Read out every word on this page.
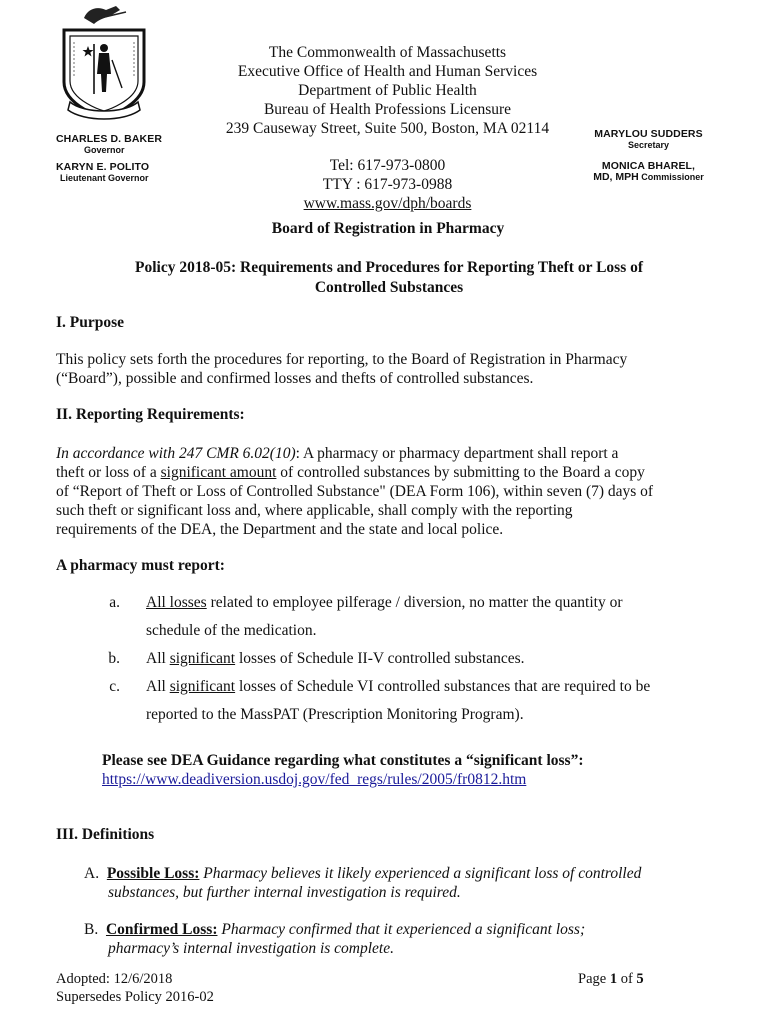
CHARLES D. BAKER
Governor
KARYN E. POLITO
Lieutenant Governor
MARYLOU SUDDERS
Secretary
MONICA BHAREL,
MD, MPH Commissioner
The Commonwealth of Massachusetts
Executive Office of Health and Human Services
Department of Public Health
Bureau of Health Professions Licensure
239 Causeway Street, Suite 500, Boston, MA 02114
Tel: 617-973-0800
TTY : 617-973-0988
www.mass.gov/dph/boards
Board of Registration in Pharmacy
Policy 2018-05: Requirements and Procedures for Reporting Theft or Loss of
Controlled Substances
I. Purpose
This policy sets forth the procedures for reporting, to the Board of Registration in Pharmacy
(“Board”), possible and confirmed losses and thefts of controlled substances.
II. Reporting Requirements:
In accordance with 247 CMR 6.02(10): A pharmacy or pharmacy department shall report a
theft or loss of a significant amount of controlled substances by submitting to the Board a copy
of “Report of Theft or Loss of Controlled Substance" (DEA Form 106), within seven (7) days of
such theft or significant loss and, where applicable, shall comply with the reporting
requirements of the DEA, the Department and the state and local police.
A pharmacy must report:
a. All losses related to employee pilferage / diversion, no matter the quantity or
schedule of the medication.
b. All significant losses of Schedule II-V controlled substances.
c. All significant losses of Schedule VI controlled substances that are required to be
reported to the MassPAT (Prescription Monitoring Program).
Please see DEA Guidance regarding what constitutes a “significant loss”:
https://www.deadiversion.usdoj.gov/fed_regs/rules/2005/fr0812.htm
III. Definitions
A. Possible Loss: Pharmacy believes it likely experienced a significant loss of controlled
substances, but further internal investigation is required.
B. Confirmed Loss: Pharmacy confirmed that it experienced a significant loss;
pharmacy’s internal investigation is complete.
Adopted: 12/6/2018
Supersedes Policy 2016-02
Page 1 of 5
